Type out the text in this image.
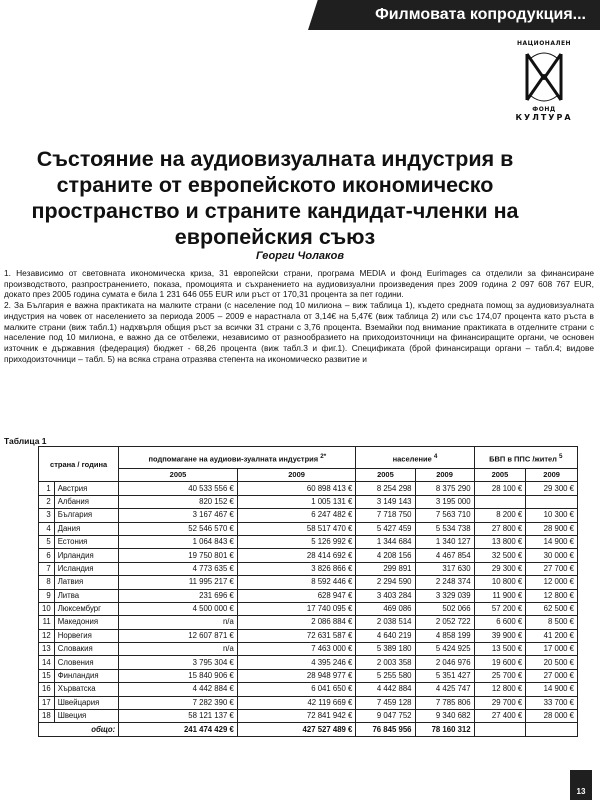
Филмовата копродукция...
НАЦИОНАЛЕН
ФОНД
КУЛТУРА
Състояние на аудиовизуалната индустрия в страните от европейското икономическо пространство и страните кандидат-членки на европейския съюз
Георги Чолаков

1. Независимо от световната икономическа криза, 31 европейски страни, програма MEDIA и фонд Eurimages са отделили за финансиране производството, разпространението, показа, промоцията и съхранението на аудиовизуални произведения през 2009 година 2 097 608 767 EUR, докато през 2005 година сумата е била 1 231 646 055 EUR или ръст от 170,31 процента за пет години.

2. За България е важна практиката на малките страни (с население под 10 милиона – виж таблица 1), където средната помощ за аудиовизуалната индустрия на човек от населението за периода 2005 – 2009 е нарастнала от 3,14€ на 5,47€ (виж таблица 2) или със 174,07 процента като ръста в малките страни (виж табл.1) надхвърля общия ръст за всички 31 страни с 3,76 процента. Вземайки под внимание практиката в отделните страни с население под 10 милиона, е важно да се отбележи, независимо от разнообразието на приходоизточници на финансиращите органи, че основен източник е държавния (федерация) бюджет - 68,26 процента (виж табл.3 и фиг.1). Спецификата (брой финансиращи органи – табл.4; видове приходоизточници – табл. 5) на всяка страна отразява степента на икономическо развитие и

Таблица 1
страна / година		подпомагане на аудиови-зуалната индустрия $^{2*}$		население $^4$		БВП в ППС /жител $^5$
		2005	2009	2005	2009	2005	2009
1	Австрия	40 533 556 €	60 898 413 €	8 254 298	8 375 290	28 100 €	29 300 €
2	Албания	820 152 €	1 005 131 €	3 149 143	3 195 000		
3	България	3 167 467 €	6 247 482 €	7 718 750	7 563 710	8 200 €	10 300 €
4	Дания	52 546 570 €	58 517 470 €	5 427 459	5 534 738	27 800 €	28 900 €
5	Естония	1 064 843 €	5 126 992 €	1 344 684	1 340 127	13 800 €	14 900 €
6	Ирландия	19 750 801 €	28 414 692 €	4 208 156	4 467 854	32 500 €	30 000 €
7	Исландия	4 773 635 €	3 826 866 €	299 891	317 630	29 300 €	27 700 €
8	Латвия	11 995 217 €	8 592 446 €	2 294 590	2 248 374	10 800 €	12 000 €
9	Литва	231 696 €	628 947 €	3 403 284	3 329 039	11 900 €	12 800 €
10	Люксембург	4 500 000 €	17 740 095 €	469 086	502 066	57 200 €	62 500 €
11	Македония	n/a	2 086 884 €	2 038 514	2 052 722	6 600 €	8 500 €
12	Норвегия	12 607 871 €	72 631 587 €	4 640 219	4 858 199	39 900 €	41 200 €
13	Словакия	n/a	7 463 000 €	5 389 180	5 424 925	13 500 €	17 000 €
14	Словения	3 795 304 €	4 395 246 €	2 003 358	2 046 976	19 600 €	20 500 €
15	Финландия	15 840 906 €	28 948 977 €	5 255 580	5 351 427	25 700 €	27 000 €
16	Хърватска	4 442 884 €	6 041 650 €	4 442 884	4 425 747	12 800 €	14 900 €
17	Швейцария	7 282 390 €	42 119 669 €	7 459 128	7 785 806	29 700 €	33 700 €
18	Швеция	58 121 137 €	72 841 942 €	9 047 752	9 340 682	27 400 €	28 000 €
общо:		241 474 429 €	427 527 489 €	76 845 956	78 160 312		
13
